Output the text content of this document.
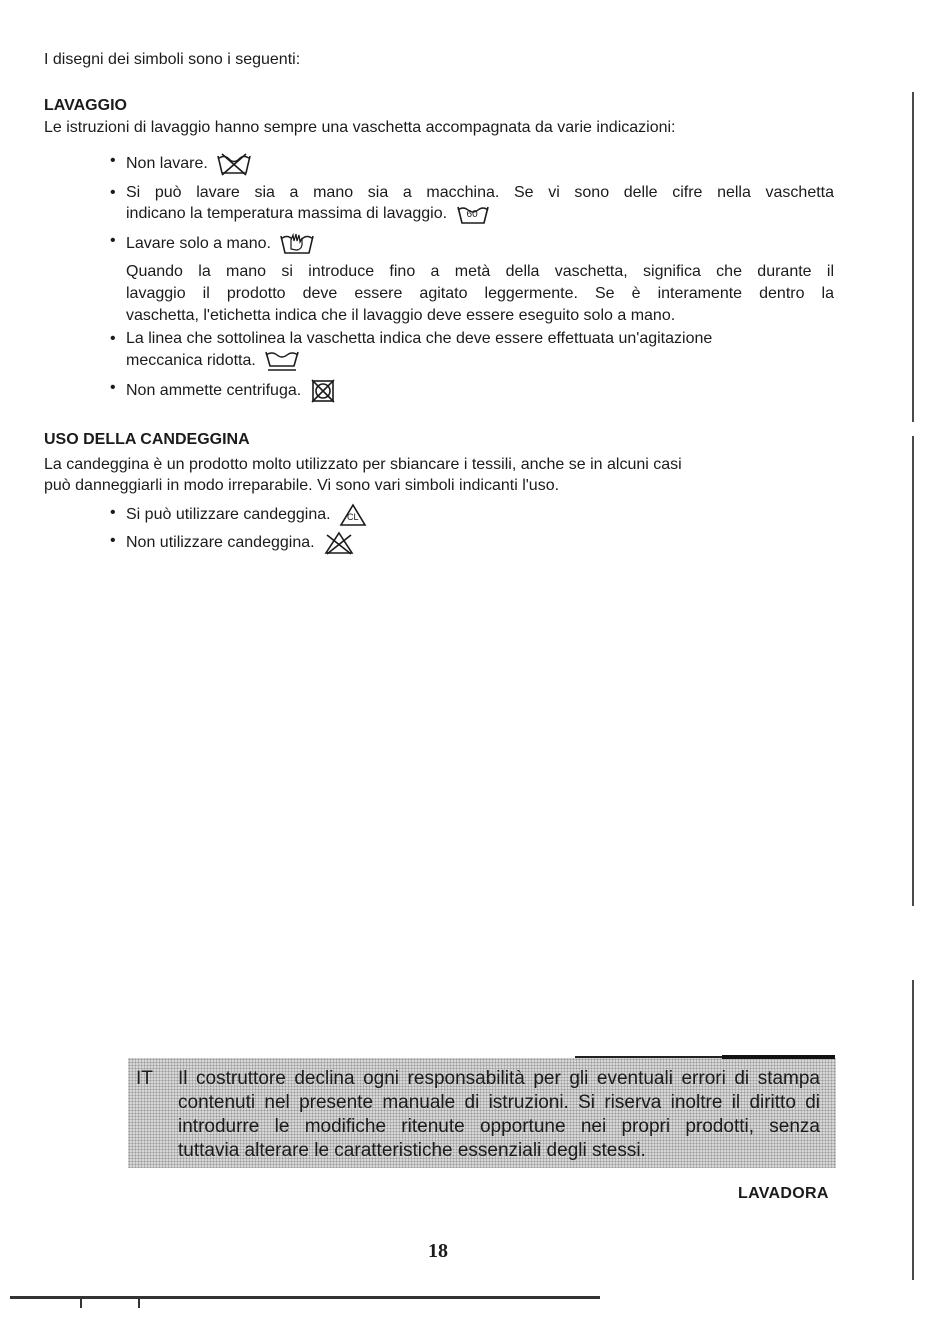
I disegni dei simboli sono i seguenti:
LAVAGGIO
Le istruzioni di lavaggio hanno sempre una vaschetta accompagnata da varie indicazioni:
• Non lavare.
• Si può lavare sia a mano sia a macchina. Se vi sono delle cifre nella vaschetta
indicano la temperatura massima di lavaggio. 60
• Lavare solo a mano.
Quando la mano si introduce fino a metà della vaschetta, significa che durante il
lavaggio il prodotto deve essere agitato leggermente. Se è interamente dentro la
vaschetta, l'etichetta indica che il lavaggio deve essere eseguito solo a mano.
• La linea che sottolinea la vaschetta indica che deve essere effettuata un'agitazione
meccanica ridotta.
• Non ammette centrifuga.
USO DELLA CANDEGGINA
La candeggina è un prodotto molto utilizzato per sbiancare i tessili, anche se in alcuni casi
può danneggiarli in modo irreparabile. Vi sono vari simboli indicanti l'uso.
• Si può utilizzare candeggina. CL
• Non utilizzare candeggina.
IT Il costruttore declina ogni responsabilità per gli eventuali errori di stampa
contenuti nel presente manuale di istruzioni. Si riserva inoltre il diritto di
introdurre le modifiche ritenute opportune nei propri prodotti, senza
tuttavia alterare le caratteristiche essenziali degli stessi.
LAVADORA
18
